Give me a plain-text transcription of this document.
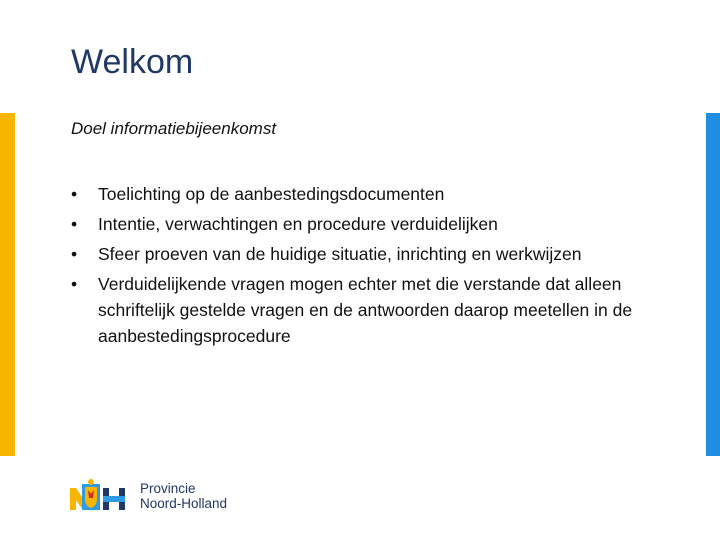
Welkom
Doel informatiebijeenkomst
•	Toelichting op de aanbestedingsdocumenten
•	Intentie, verwachtingen en procedure verduidelijken
•	Sfeer proeven van de huidige situatie, inrichting en werkwijzen
•	Verduidelijkende vragen mogen echter met die verstande dat alleen schriftelijk gestelde vragen en de antwoorden daarop meetellen in de aanbestedingsprocedure
Provincie
Noord-Holland
